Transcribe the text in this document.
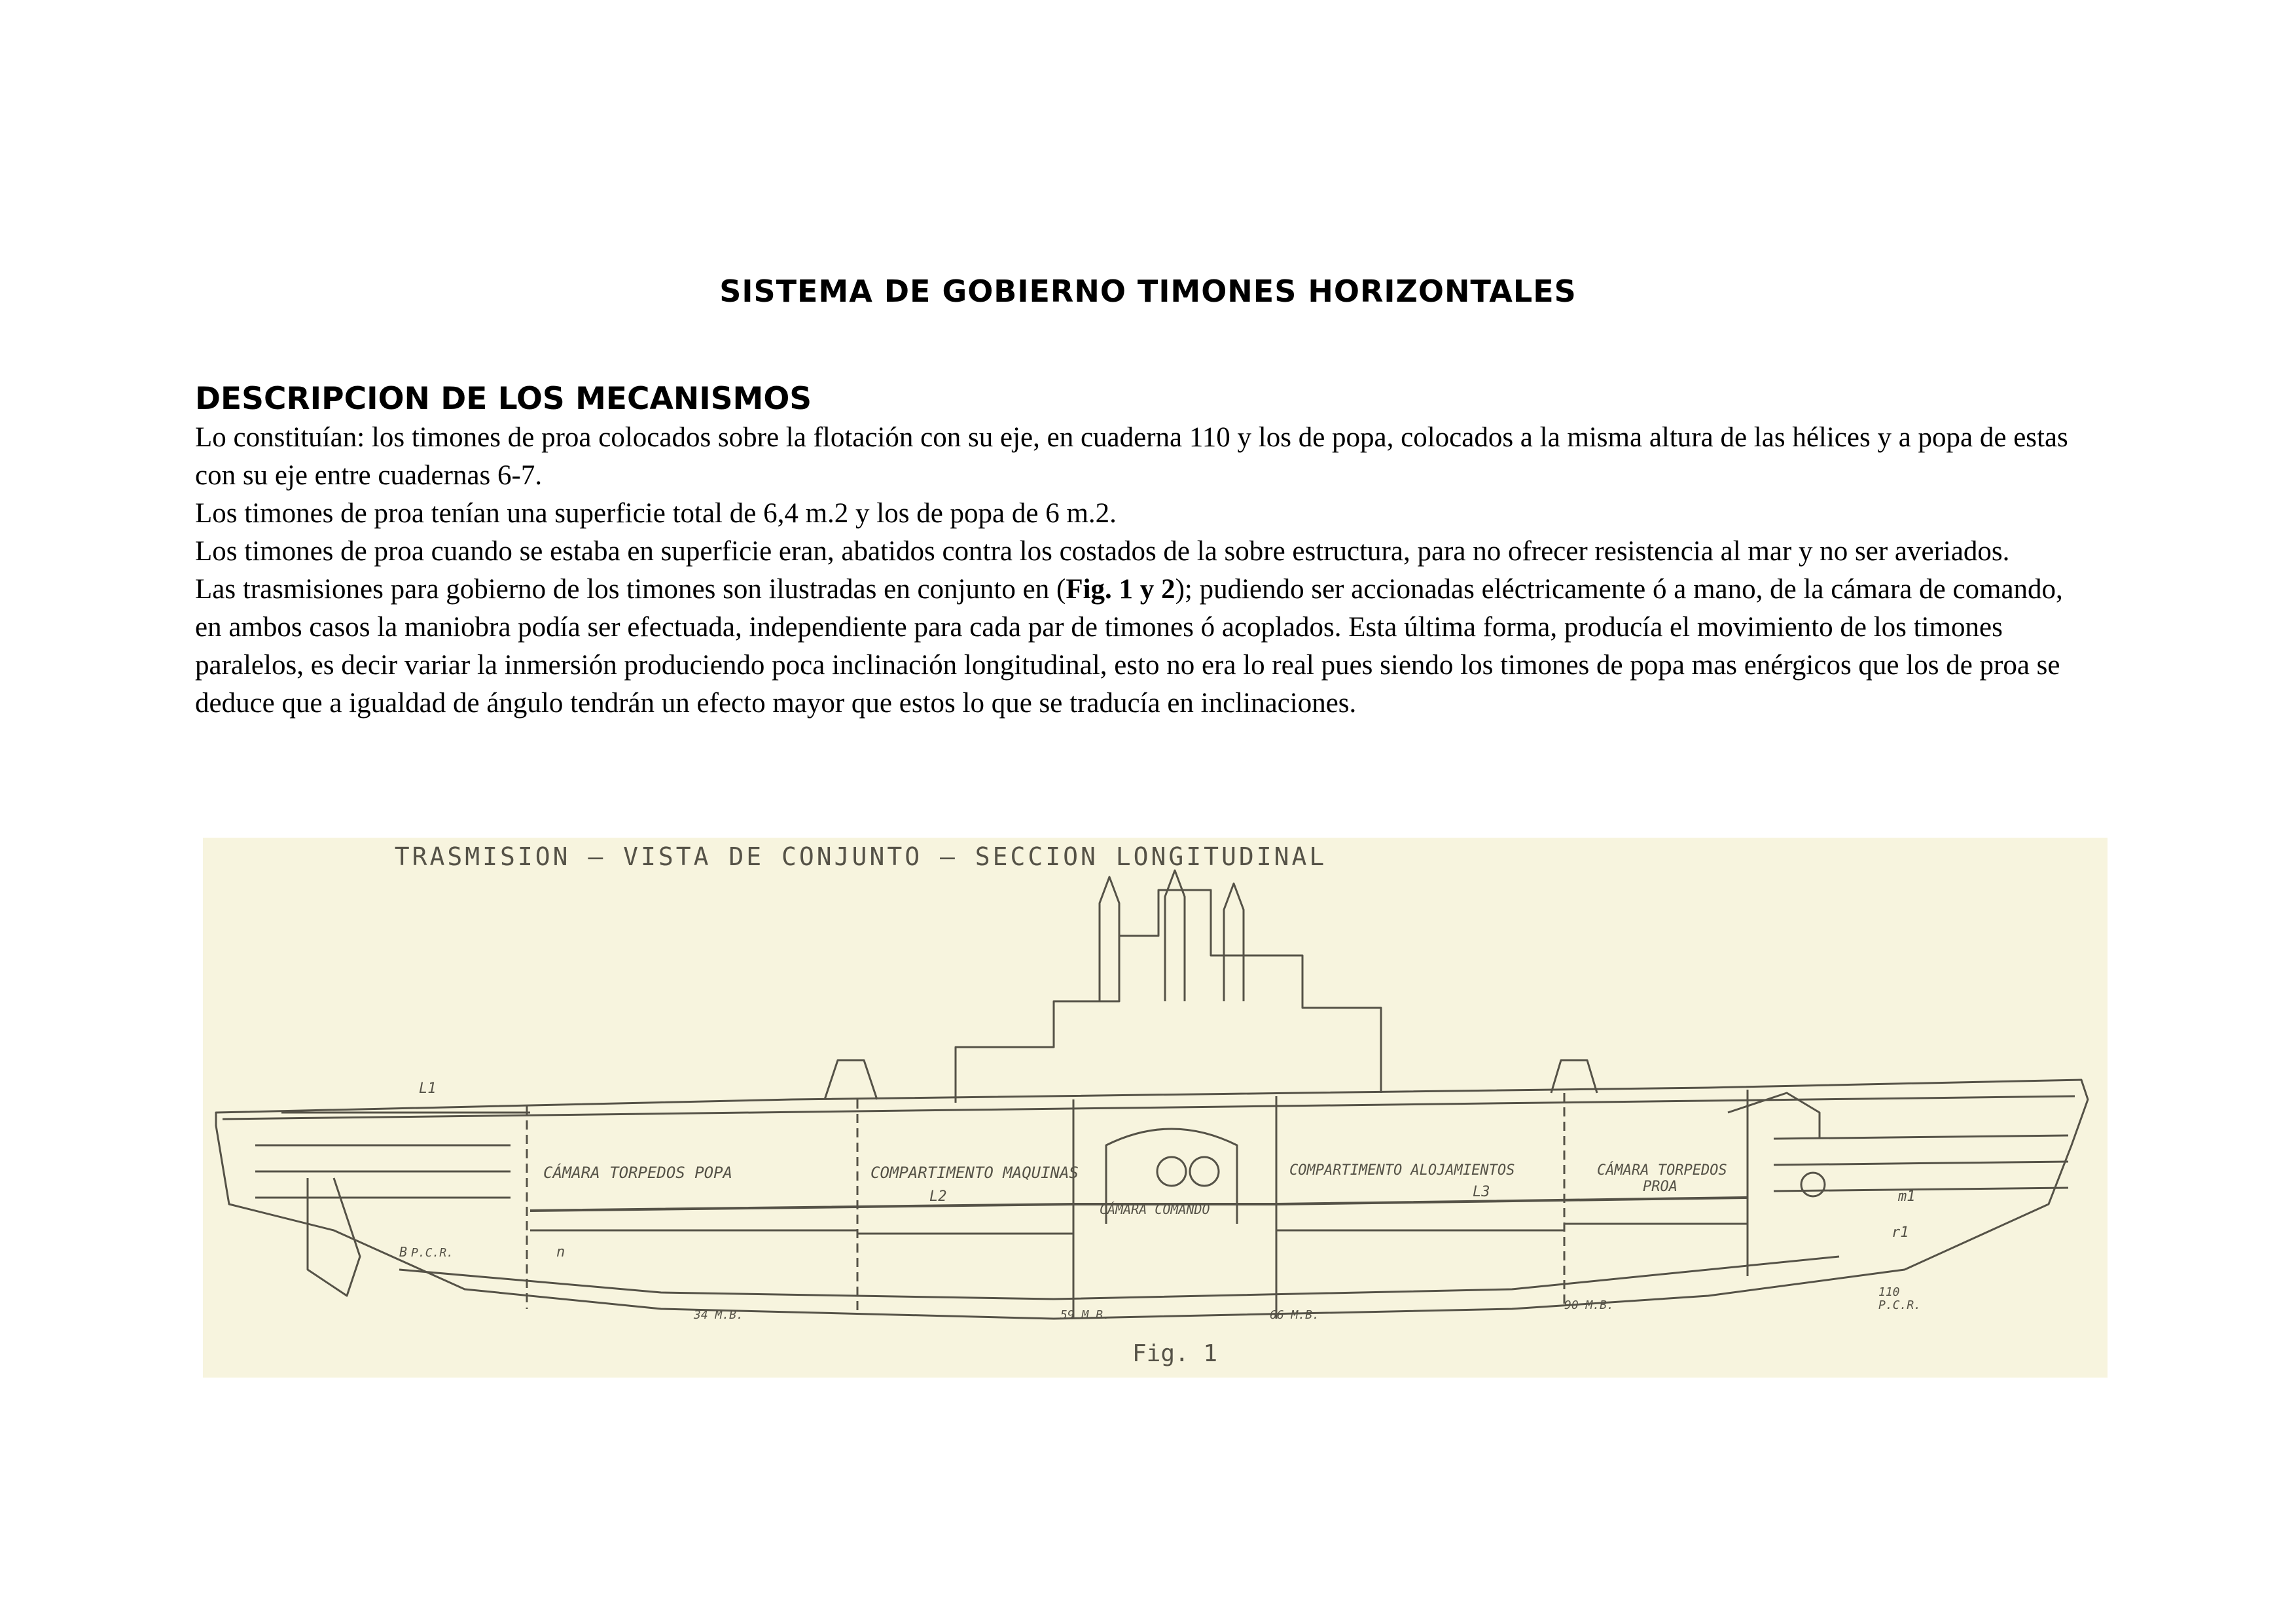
SISTEMA DE GOBIERNO TIMONES HORIZONTALES
DESCRIPCION DE LOS MECANISMOS

Lo constituían: los timones de proa colocados sobre la flotación con su eje, en cuaderna 110 y los de popa, colocados a la misma altura de las hélices y a popa de estas con su eje entre cuadernas 6-7.

Los timones de proa tenían una superficie total de 6,4 m.2 y los de popa de 6 m.2.

Los timones de proa cuando se estaba en superficie eran, abatidos contra los costados de la sobre estructura, para no ofrecer resistencia al mar y no ser averiados.

Las trasmisiones para gobierno de los timones son ilustradas en conjunto en (Fig. 1 y 2); pudiendo ser accionadas eléctricamente ó a mano, de la cámara de comando, en ambos casos la maniobra podía ser efectuada, independiente para cada par de timones ó acoplados. Esta última forma, producía el movimiento de los timones paralelos, es decir variar la inmersión produciendo poca inclinación longitudinal, esto no era lo real pues siendo los timones de popa mas enérgicos que los de proa se deduce que a igualdad de ángulo tendrán un efecto mayor que estos lo que se traducía en inclinaciones.

TRASMISION – VISTA DE CONJUNTO – SECCION LONGITUDINAL
CÁMARA TORPEDOS POPA	COMPARTIMENTO MAQUINAS
CÁMARA COMANDO
COMPARTIMENTO ALOJAMIENTOS	CÁMARA TORPEDOS
PROA
34 M.B.	59 M.B.	66 M.B.
90 M.B.
110
P.C.R.
B P.C.R.
L1
L2	L3	m1
r1
n
Fig. 1
